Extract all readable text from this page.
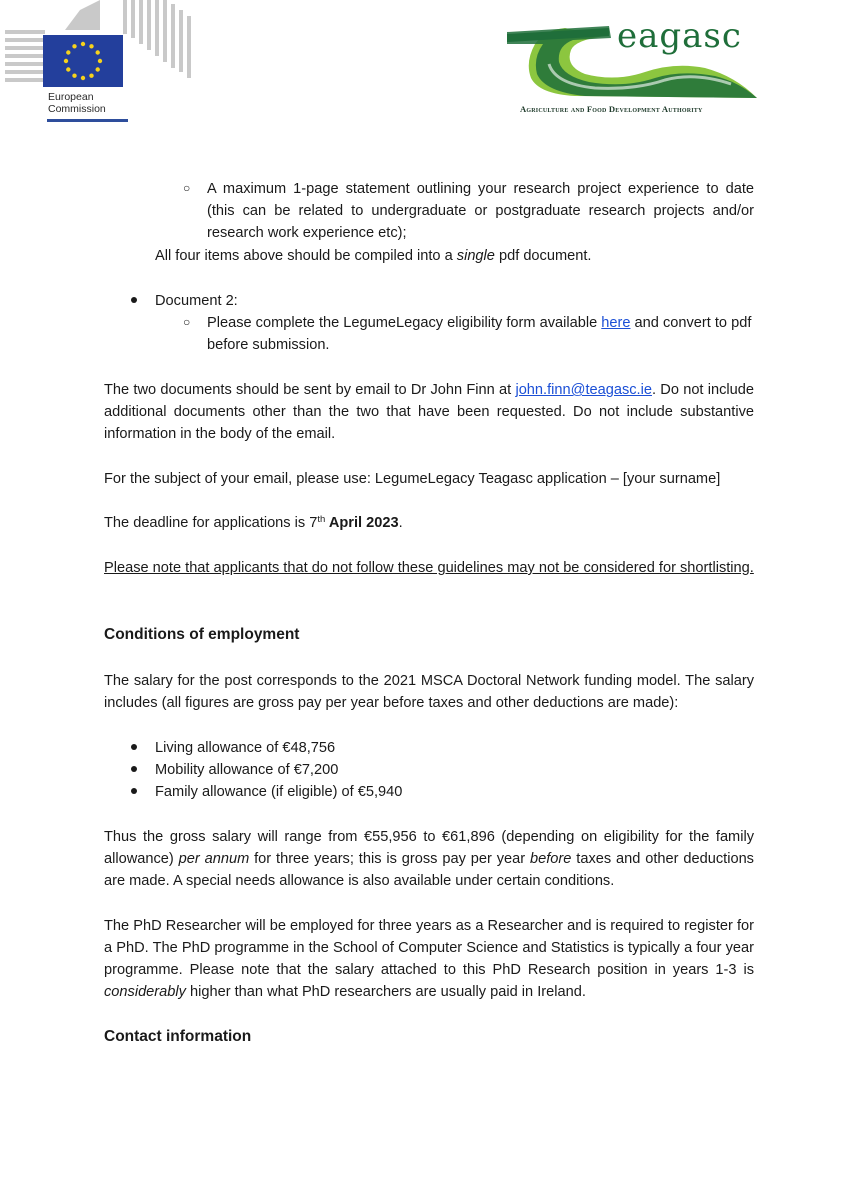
European
Commission
eagasc
Agriculture and Food Development Authority
○ A maximum 1-page statement outlining your research project experience to date (this can be related to undergraduate or postgraduate research projects and/or research work experience etc);
All four items above should be compiled into a single pdf document.
Document 2:
○ Please complete the LegumeLegacy eligibility form available here and convert to pdf before submission.
The two documents should be sent by email to Dr John Finn at john.finn@teagasc.ie. Do not include additional documents other than the two that have been requested. Do not include substantive information in the body of the email.
For the subject of your email, please use: LegumeLegacy Teagasc application – [your surname]
The deadline for applications is 7th April 2023.
Please note that applicants that do not follow these guidelines may not be considered for shortlisting.
Conditions of employment
The salary for the post corresponds to the 2021 MSCA Doctoral Network funding model. The salary includes (all figures are gross pay per year before taxes and other deductions are made):
Living allowance of €48,756
Mobility allowance of €7,200
Family allowance (if eligible) of €5,940
Thus the gross salary will range from €55,956 to €61,896 (depending on eligibility for the family allowance) per annum for three years; this is gross pay per year before taxes and other deductions are made. A special needs allowance is also available under certain conditions.
The PhD Researcher will be employed for three years as a Researcher and is required to register for a PhD. The PhD programme in the School of Computer Science and Statistics is typically a four year programme. Please note that the salary attached to this PhD Research position in years 1-3 is considerably higher than what PhD researchers are usually paid in Ireland.
Contact information
